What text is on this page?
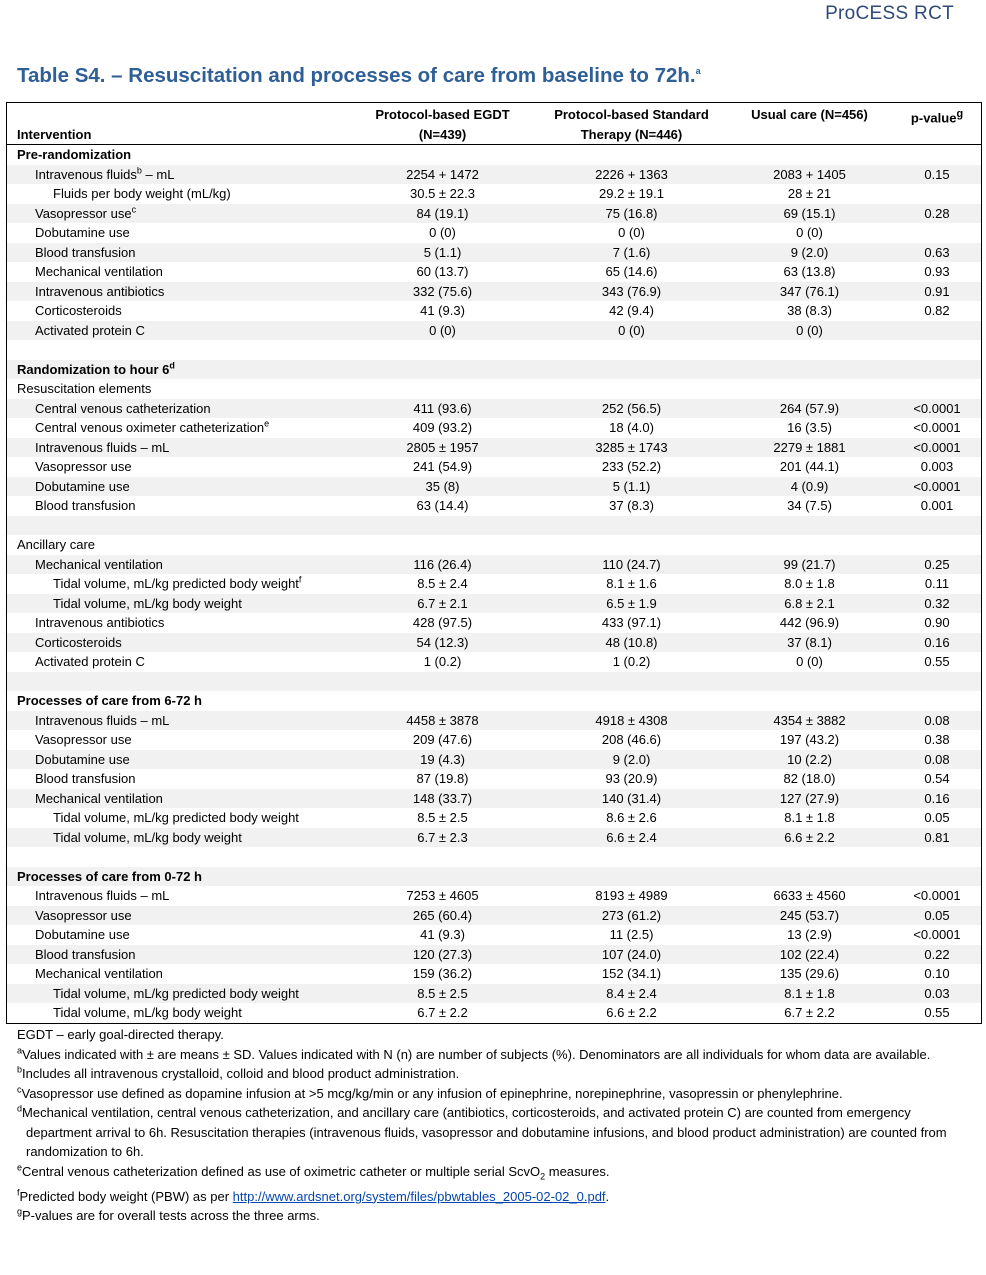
ProCESS RCT
Table S4. – Resuscitation and processes of care from baseline to 72h.$^a$
Intervention	Protocol-based EGDT (N=439)	Protocol-based Standard Therapy (N=446)	Usual care (N=456)	p-value$^g$
Pre-randomization				
Intravenous fluids$^b$ – mL	2254 + 1472	2226 + 1363	2083 + 1405	0.15
Fluids per body weight (mL/kg)	30.5 ± 22.3	29.2 ± 19.1	28 ± 21	
Vasopressor use$^c$	84 (19.1)	75 (16.8)	69 (15.1)	0.28
Dobutamine use	0 (0)	0 (0)	0 (0)	
Blood transfusion	5 (1.1)	7 (1.6)	9 (2.0)	0.63
Mechanical ventilation	60 (13.7)	65 (14.6)	63 (13.8)	0.93
Intravenous antibiotics	332 (75.6)	343 (76.9)	347 (76.1)	0.91
Corticosteroids	41 (9.3)	42 (9.4)	38 (8.3)	0.82
Activated protein C	0 (0)	0 (0)	0 (0)	

Randomization to hour 6$^d$				
Resuscitation elements				
Central venous catheterization	411 (93.6)	252 (56.5)	264 (57.9)	<0.0001
Central venous oximeter catheterization$^e$	409 (93.2)	18 (4.0)	16 (3.5)	<0.0001
Intravenous fluids – mL	2805 ± 1957	3285 ± 1743	2279 ± 1881	<0.0001
Vasopressor use	241 (54.9)	233 (52.2)	201 (44.1)	0.003
Dobutamine use	35 (8)	5 (1.1)	4 (0.9)	<0.0001
Blood transfusion	63 (14.4)	37 (8.3)	34 (7.5)	0.001

Ancillary care				
Mechanical ventilation	116 (26.4)	110 (24.7)	99 (21.7)	0.25
Tidal volume, mL/kg predicted body weight$^f$	8.5 ± 2.4	8.1 ± 1.6	8.0 ± 1.8	0.11
Tidal volume, mL/kg body weight	6.7 ± 2.1	6.5 ± 1.9	6.8 ± 2.1	0.32
Intravenous antibiotics	428 (97.5)	433 (97.1)	442 (96.9)	0.90
Corticosteroids	54 (12.3)	48 (10.8)	37 (8.1)	0.16
Activated protein C	1 (0.2)	1 (0.2)	0 (0)	0.55

Processes of care from 6-72 h				
Intravenous fluids – mL	4458 ± 3878	4918 ± 4308	4354 ± 3882	0.08
Vasopressor use	209 (47.6)	208 (46.6)	197 (43.2)	0.38
Dobutamine use	19 (4.3)	9 (2.0)	10 (2.2)	0.08
Blood transfusion	87 (19.8)	93 (20.9)	82 (18.0)	0.54
Mechanical ventilation	148 (33.7)	140 (31.4)	127 (27.9)	0.16
Tidal volume, mL/kg predicted body weight	8.5 ± 2.5	8.6 ± 2.6	8.1 ± 1.8	0.05
Tidal volume, mL/kg body weight	6.7 ± 2.3	6.6 ± 2.4	6.6 ± 2.2	0.81

Processes of care from 0-72 h				
Intravenous fluids – mL	7253 ± 4605	8193 ± 4989	6633 ± 4560	<0.0001
Vasopressor use	265 (60.4)	273 (61.2)	245 (53.7)	0.05
Dobutamine use	41 (9.3)	11 (2.5)	13 (2.9)	<0.0001
Blood transfusion	120 (27.3)	107 (24.0)	102 (22.4)	0.22
Mechanical ventilation	159 (36.2)	152 (34.1)	135 (29.6)	0.10
Tidal volume, mL/kg predicted body weight	8.5 ± 2.5	8.4 ± 2.4	8.1 ± 1.8	0.03
Tidal volume, mL/kg body weight	6.7 ± 2.2	6.6 ± 2.2	6.7 ± 2.2	0.55
EGDT – early goal-directed therapy.
$^a$Values indicated with ± are means ± SD. Values indicated with N (n) are number of subjects (%). Denominators are all individuals for whom data are available.
$^b$Includes all intravenous crystalloid, colloid and blood product administration.
$^c$Vasopressor use defined as dopamine infusion at >5 mcg/kg/min or any infusion of epinephrine, norepinephrine, vasopressin or phenylephrine.
$^d$Mechanical ventilation, central venous catheterization, and ancillary care (antibiotics, corticosteroids, and activated protein C) are counted from emergency department arrival to 6h. Resuscitation therapies (intravenous fluids, vasopressor and dobutamine infusions, and blood product administration) are counted from randomization to 6h.
$^e$Central venous catheterization defined as use of oximetric catheter or multiple serial ScvO$_2$ measures.
$^f$Predicted body weight (PBW) as per http://www.ardsnet.org/system/files/pbwtables_2005-02-02_0.pdf.
$^g$P-values are for overall tests across the three arms.
